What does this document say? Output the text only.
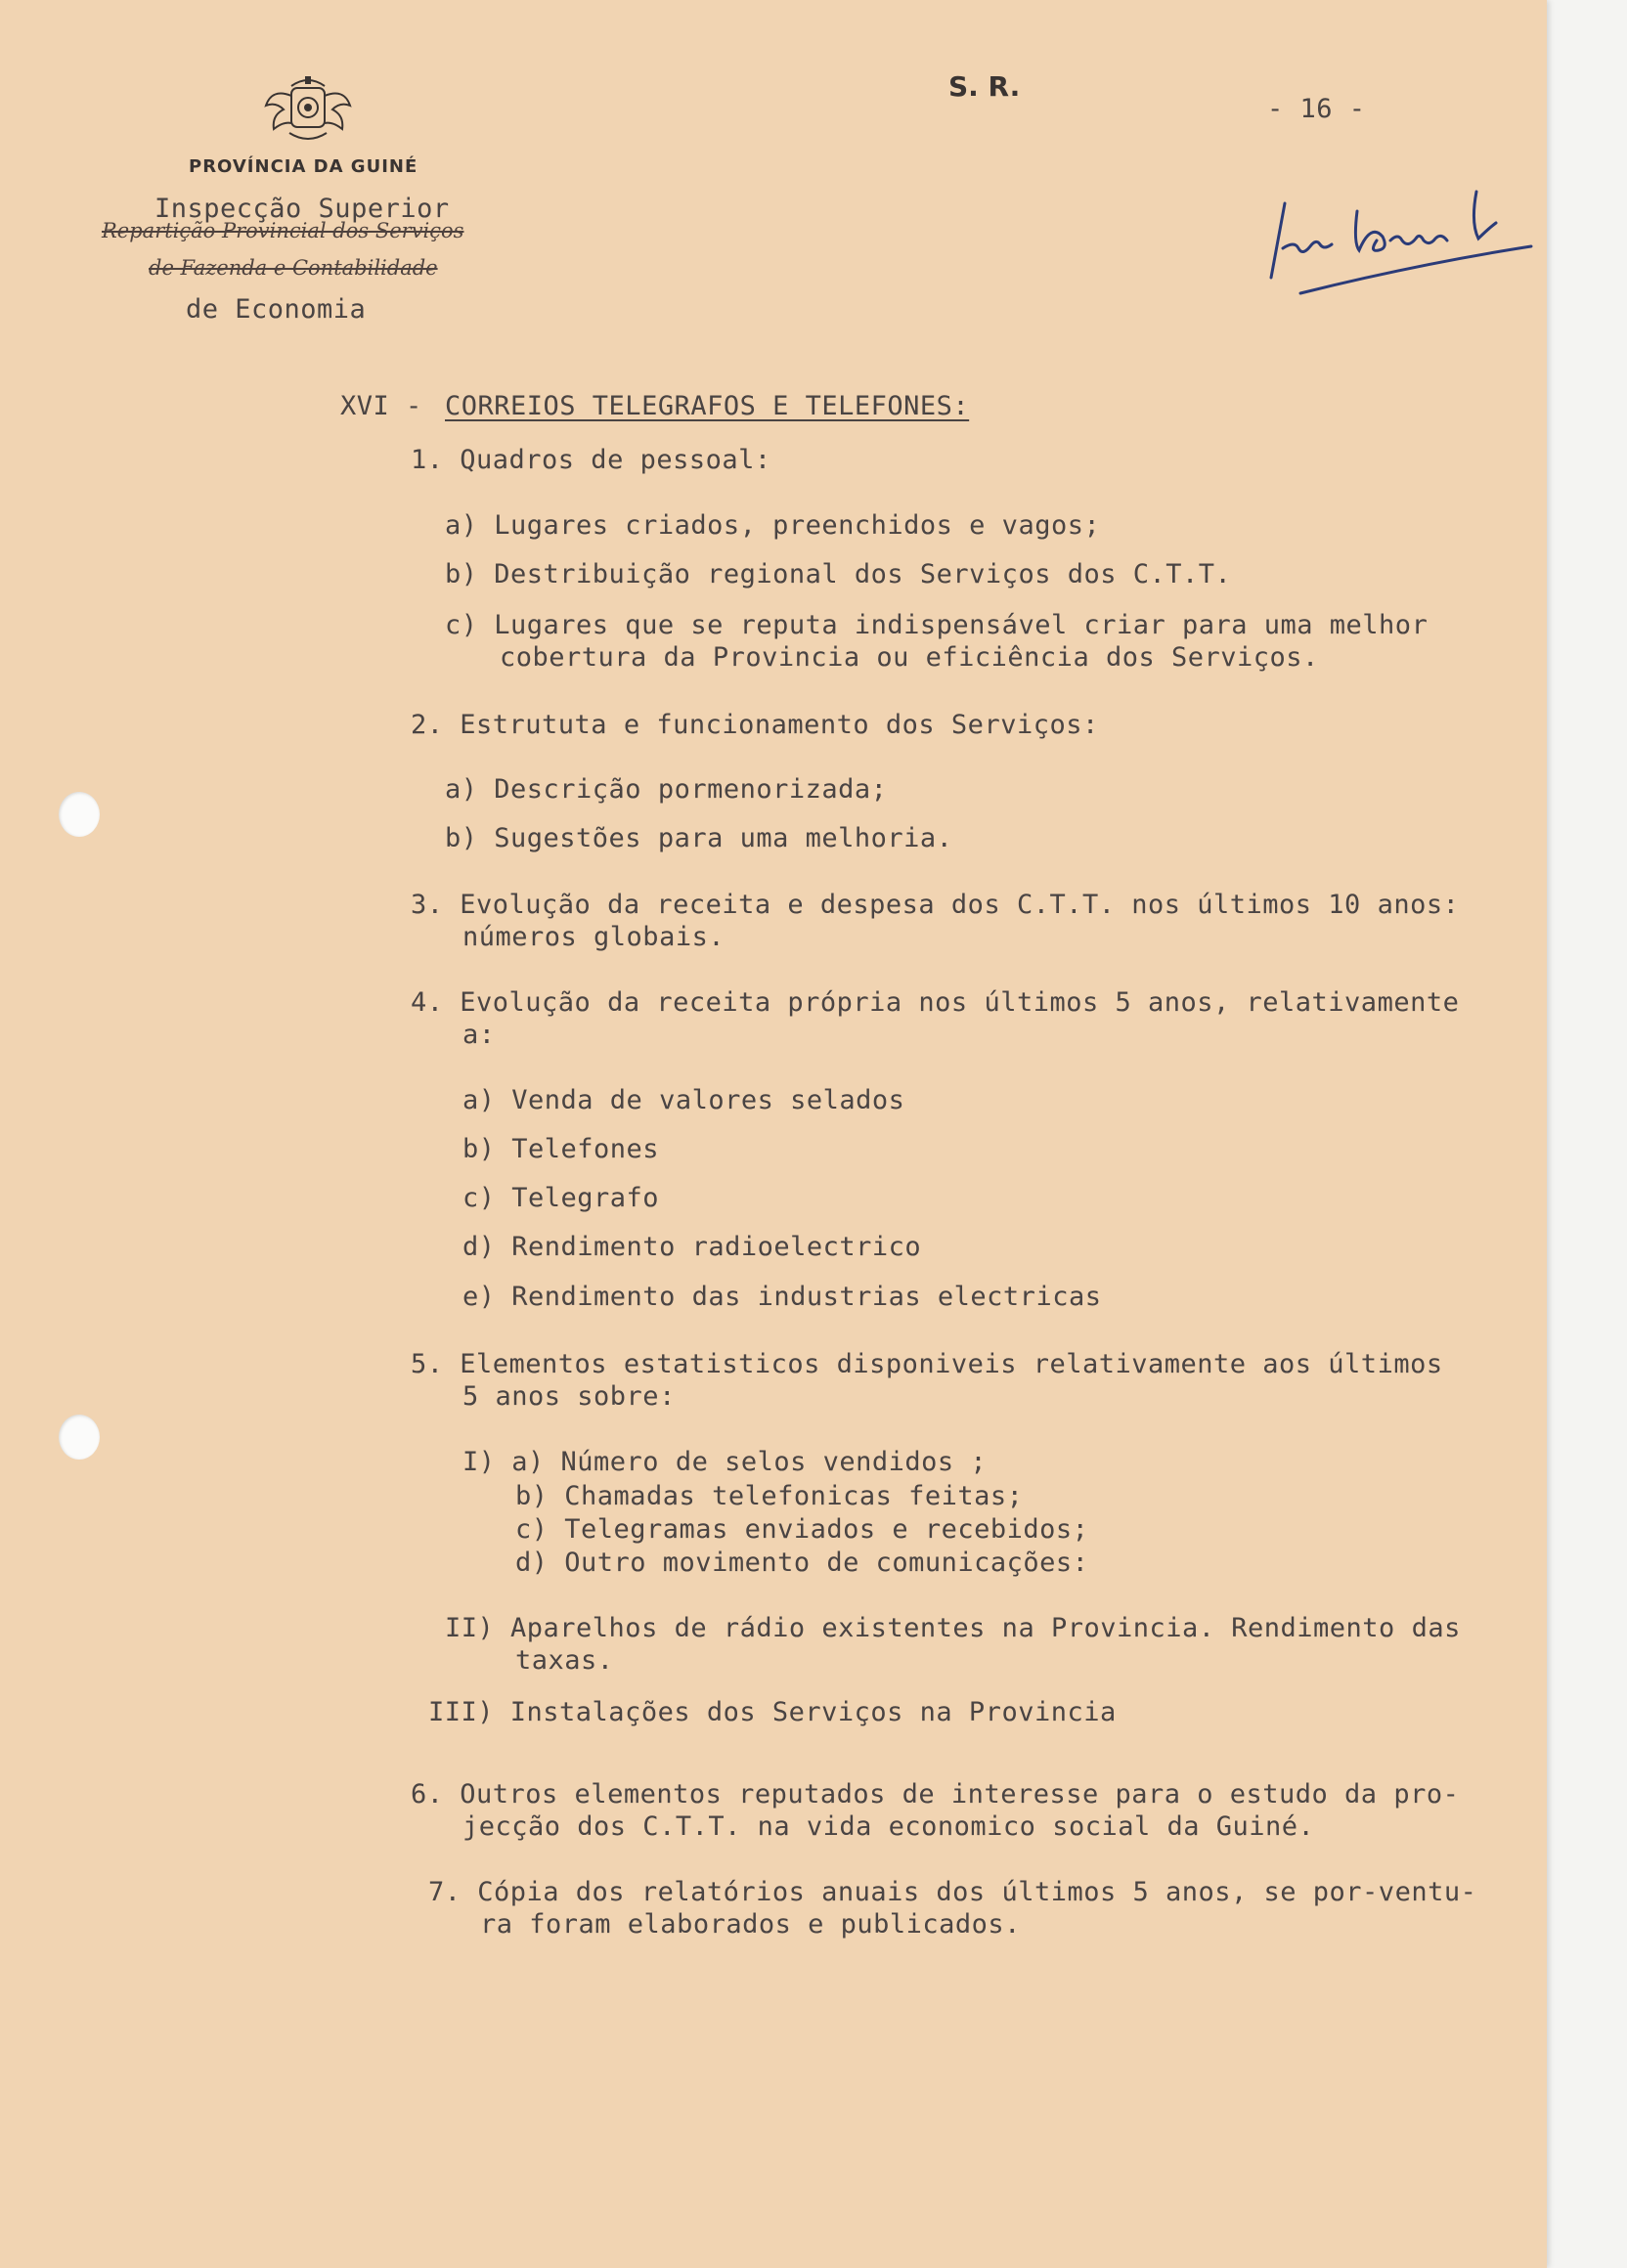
PROVÍNCIA DA GUINÉ
Inspecção Superior
Repartição Provincial dos Serviços
de Fazenda e Contabilidade
de Economia
S. R.
- 16 -
XVI - CORREIOS TELEGRAFOS E TELEFONES:
1. Quadros de pessoal:
a) Lugares criados, preenchidos e vagos;
b) Destribuição regional dos Serviços dos C.T.T.
c) Lugares que se reputa indispensável criar para uma melhor
cobertura da Provincia ou eficiência dos Serviços.
2. Estrututa e funcionamento dos Serviços:
a) Descrição pormenorizada;
b) Sugestões para uma melhoria.
3. Evolução da receita e despesa dos C.T.T. nos últimos 10 anos:
números globais.
4. Evolução da receita própria nos últimos 5 anos, relativamente
a:
a) Venda de valores selados
b) Telefones
c) Telegrafo
d) Rendimento radioelectrico
e) Rendimento das industrias electricas
5. Elementos estatisticos disponiveis relativamente aos últimos
5 anos sobre:
I) a) Número de selos vendidos ;
b) Chamadas telefonicas feitas;
c) Telegramas enviados e recebidos;
d) Outro movimento de comunicações:
II) Aparelhos de rádio existentes na Provincia. Rendimento das
taxas.
III) Instalações dos Serviços na Provincia
6. Outros elementos reputados de interesse para o estudo da pro-
jecção dos C.T.T. na vida economico social da Guiné.
7. Cópia dos relatórios anuais dos últimos 5 anos, se por-ventu-
ra foram elaborados e publicados.
